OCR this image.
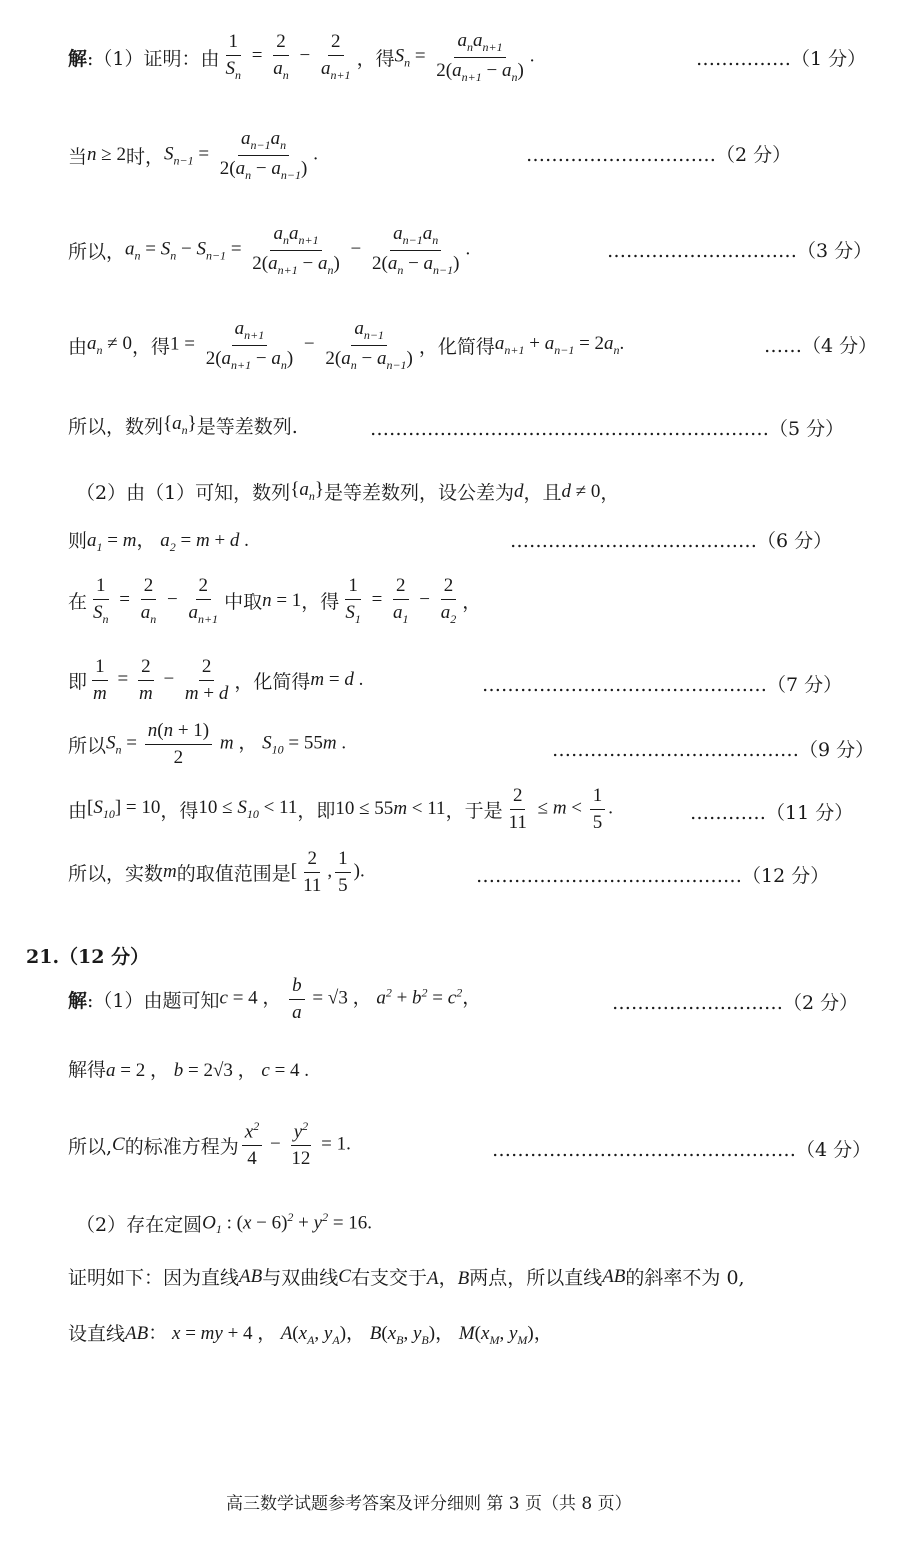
解 :（1）证明：由 $\frac{1}{S_n} = \frac{2}{a_n} - \frac{2}{a_{n+1}}$ ，得 $S_n = \frac{a_na_{n+1}}{2(a_{n+1} - a_n)}$ .	……………（1 分）
当 n ≥ 2 时， $S_{n-1} = \frac{a_{n-1}a_n}{2(a_n - a_{n-1})}$ .	…………………………（2 分）
所以， $a_n = S_n - S_{n-1} = \frac{a_na_{n+1}}{2(a_{n+1} - a_n)} - \frac{a_{n-1}a_n}{2(a_n - a_{n-1})}$ .	…………………………（3 分）
由 $a_n \ne 0$ ，得 $1 = \frac{a_{n+1}}{2(a_{n+1} - a_n)} - \frac{a_{n-1}}{2(a_n - a_{n-1})}$ ，化简得 $a_{n+1} + a_{n-1} = 2a_n$.	……（4 分）
所以，数列 $\{a_n\}$ 是等差数列.	………………………………………………………（5 分）
（2）由（1）可知，数列 $\{a_n\}$ 是等差数列，设公差为 d ，且 d ≠ 0 ，
则 $a_1 = m$， $a_2 = m + d$ .	…………………………………（6 分）
在 $\frac{1}{S_n} = \frac{2}{a_n} - \frac{2}{a_{n+1}}$ 中取 n = 1 ，得 $\frac{1}{S_1} = \frac{2}{a_1} - \frac{2}{a_2}$ ，
即 $\frac{1}{m} = \frac{2}{m} - \frac{2}{m + d}$ ，化简得 m = d .	………………………………………（7 分）
所以 $S_n = \frac{n(n + 1)}{2}$ m ， $S_{10} = 55m$ .	…………………………………（9 分）
由 $[S_{10}] = 10$ ，得 $10 \le S_{10} < 11$ ，即 10 ≤ 55m < 11 ，于是 $\frac{2}{11} \le m < \frac{1}{5}$ .	…………（11 分）
所以，实数 m 的取值范围是 [ $\frac{2}{11}$ , $\frac{1}{5}$ ).	……………………………………（12 分）
21.（12 分）
解 :（1）由题可知 c = 4 ， $\frac{b}{a} = √3$ ， $a^2 + b^2 = c^2$，	………………………（2 分）
解得 a = 2 ， b = 2√3 ， c = 4 .
所以, C 的标准方程为 $\frac{x^2}{4} - \frac{y^2}{12} = 1$.	…………………………………………（4 分）
（2）存在定圆 $O_1$ : $(x - 6)^2 + y^2 = 16$.
证明如下：因为直线 AB 与双曲线 C 右支交于 A，B 两点，所以直线 AB 的斜率不为 0,
设直线 AB： x = my + 4 ， $A(x_A$, $y_A$)， $B(x_B$, $y_B$)， $M(x_M$, $y_M$)，
高三数学试题参考答案及评分细则 第 3 页（共 8 页）
